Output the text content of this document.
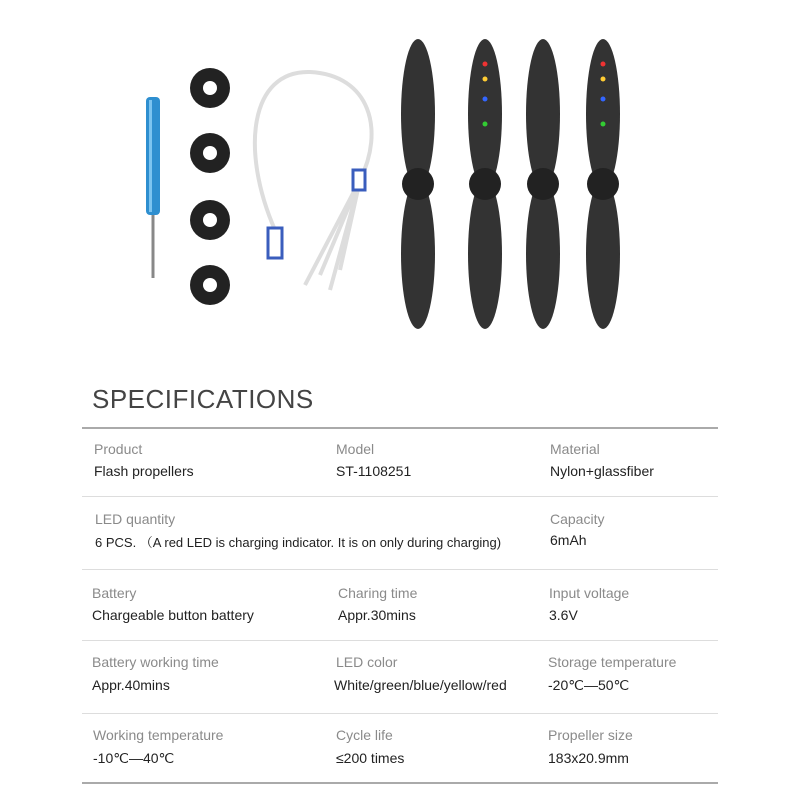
SPECIFICATIONS
Product
Flash propellers
Model
ST-1108251
Material
Nylon+glassfiber
LED quantity
6 PCS. （A red LED is charging indicator. It is on only during charging)
Capacity
6mAh
Battery
Chargeable button battery
Charing time
Appr.30mins
Input voltage
3.6V
Battery working time
Appr.40mins
LED color
White/green/blue/yellow/red
Storage temperature
-20℃—50℃
Working temperature
-10℃—40℃
Cycle life
≤200 times
Propeller size
183x20.9mm
